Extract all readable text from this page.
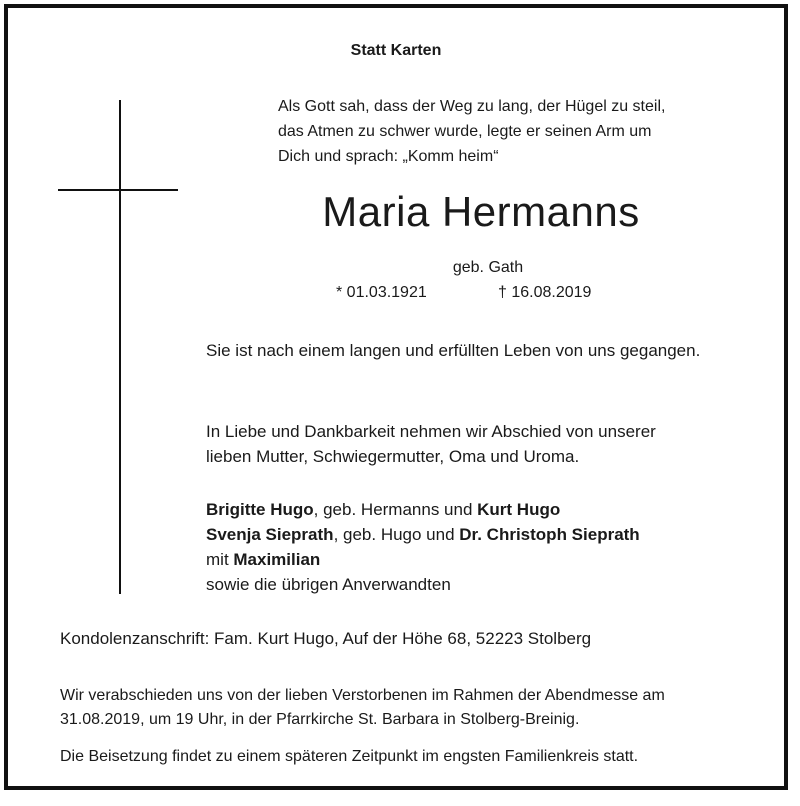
Statt Karten
Als Gott sah, dass der Weg zu lang, der Hügel zu steil,
das Atmen zu schwer wurde, legte er seinen Arm um
Dich und sprach: „Komm heim“
Maria Hermanns
geb. Gath
* 01.03.1921	† 16.08.2019
Sie ist nach einem langen und erfüllten Leben von uns gegangen.
In Liebe und Dankbarkeit nehmen wir Abschied von unserer
lieben Mutter, Schwiegermutter, Oma und Uroma.
Brigitte Hugo, geb. Hermanns und Kurt Hugo
Svenja Sieprath, geb. Hugo und Dr. Christoph Sieprath
mit Maximilian
sowie die übrigen Anverwandten
Kondolenzanschrift: Fam. Kurt Hugo, Auf der Höhe 68, 52223 Stolberg
Wir verabschieden uns von der lieben Verstorbenen im Rahmen der Abendmesse am
31.08.2019, um 19 Uhr, in der Pfarrkirche St. Barbara in Stolberg-Breinig.
Die Beisetzung findet zu einem späteren Zeitpunkt im engsten Familienkreis statt.
